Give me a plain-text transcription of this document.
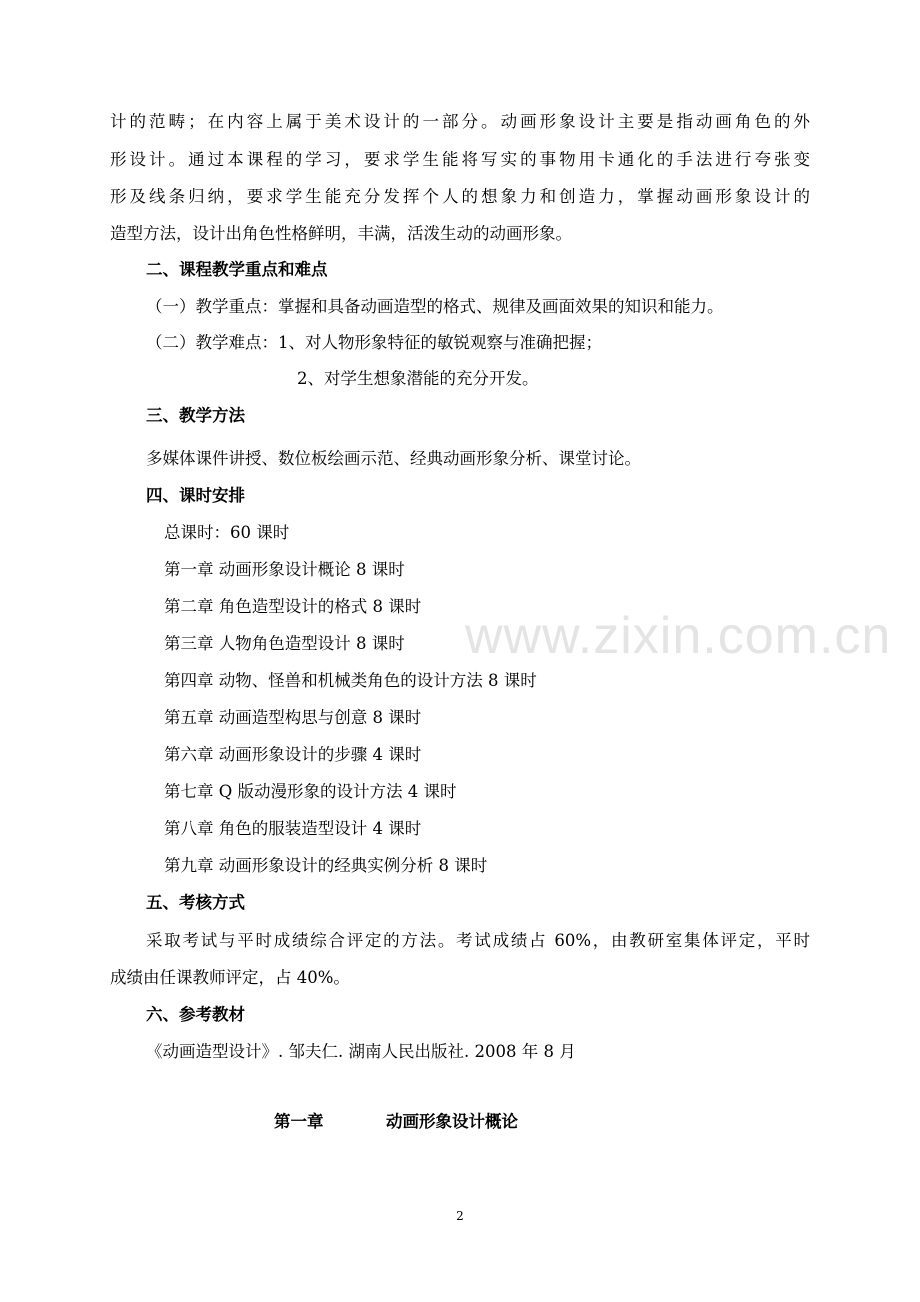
www.zixin.com.cn
计的范畴；在内容上属于美术设计的一部分。动画形象设计主要是指动画角色的外
形设计。通过本课程的学习，要求学生能将写实的事物用卡通化的手法进行夸张变
形及线条归纳，要求学生能充分发挥个人的想象力和创造力，掌握动画形象设计的
造型方法，设计出角色性格鲜明，丰满，活泼生动的动画形象。
二、课程教学重点和难点
（一）教学重点：掌握和具备动画造型的格式、规律及画面效果的知识和能力。
（二）教学难点：1、对人物形象特征的敏锐观察与准确把握；
2、对学生想象潜能的充分开发。
三、教学方法
多媒体课件讲授、数位板绘画示范、经典动画形象分析、课堂讨论。
四、课时安排
总课时：60 课时
第一章 动画形象设计概论 8 课时
第二章 角色造型设计的格式 8 课时
第三章 人物角色造型设计 8 课时
第四章 动物、怪兽和机械类角色的设计方法 8 课时
第五章 动画造型构思与创意 8 课时
第六章 动画形象设计的步骤 4 课时
第七章 Q 版动漫形象的设计方法 4 课时
第八章 角色的服装造型设计 4 课时
第九章 动画形象设计的经典实例分析 8 课时
五、考核方式
采取考试与平时成绩综合评定的方法。考试成绩占 60%，由教研室集体评定，平时
成绩由任课教师评定，占 40%。
六、参考教材
《动画造型设计》. 邹夫仁. 湖南人民出版社. 2008 年 8 月
第一章	动画形象设计概论
2
